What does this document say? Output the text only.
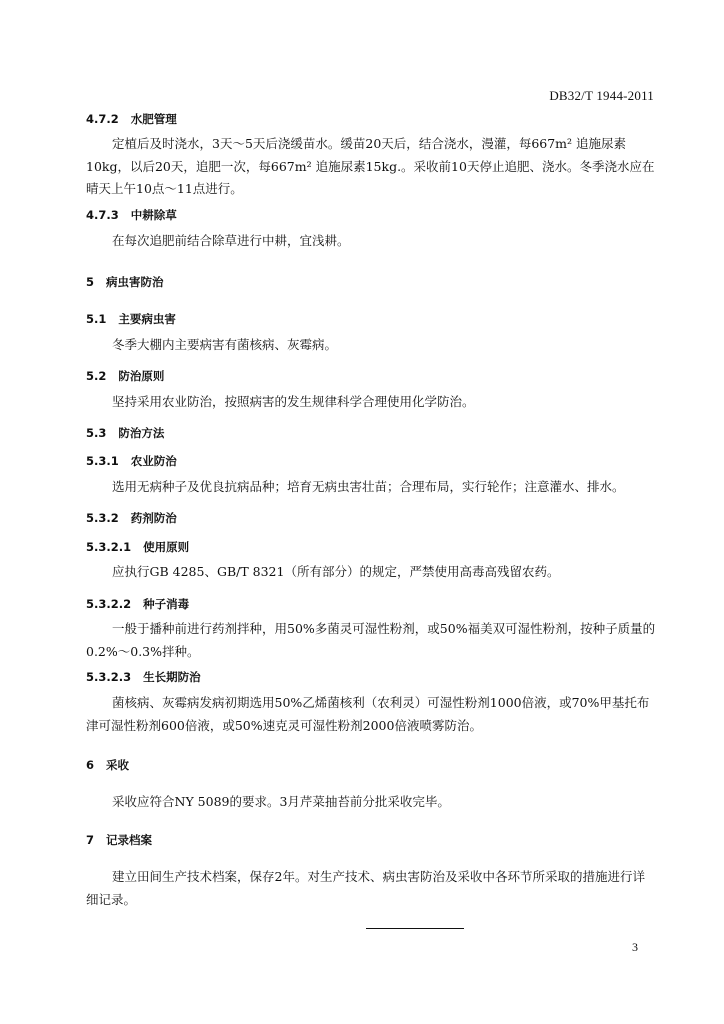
DB32/T 1944-2011
4.7.2 水肥管理
定植后及时浇水，3天～5天后浇缓苗水。缓苗20天后，结合浇水，漫灌，每667m² 追施尿素10kg，以后20天，追肥一次，每667m² 追施尿素15kg.。采收前10天停止追肥、浇水。冬季浇水应在晴天上午10点～11点进行。
4.7.3 中耕除草
在每次追肥前结合除草进行中耕，宜浅耕。
5 病虫害防治
5.1 主要病虫害
冬季大棚内主要病害有菌核病、灰霉病。
5.2 防治原则
坚持采用农业防治，按照病害的发生规律科学合理使用化学防治。
5.3 防治方法
5.3.1 农业防治
选用无病种子及优良抗病品种；培育无病虫害壮苗；合理布局，实行轮作；注意灌水、排水。
5.3.2 药剂防治
5.3.2.1 使用原则
应执行GB 4285、GB/T 8321（所有部分）的规定，严禁使用高毒高残留农药。
5.3.2.2 种子消毒
一般于播种前进行药剂拌种，用50%多菌灵可湿性粉剂，或50%福美双可湿性粉剂，按种子质量的0.2%～0.3%拌种。
5.3.2.3 生长期防治
菌核病、灰霉病发病初期选用50%乙烯菌核利（农利灵）可湿性粉剂1000倍液，或70%甲基托布津可湿性粉剂600倍液，或50%速克灵可湿性粉剂2000倍液喷雾防治。
6 采收
采收应符合NY 5089的要求。3月芹菜抽苔前分批采收完毕。
7 记录档案
建立田间生产技术档案，保存2年。对生产技术、病虫害防治及采收中各环节所采取的措施进行详细记录。
3
